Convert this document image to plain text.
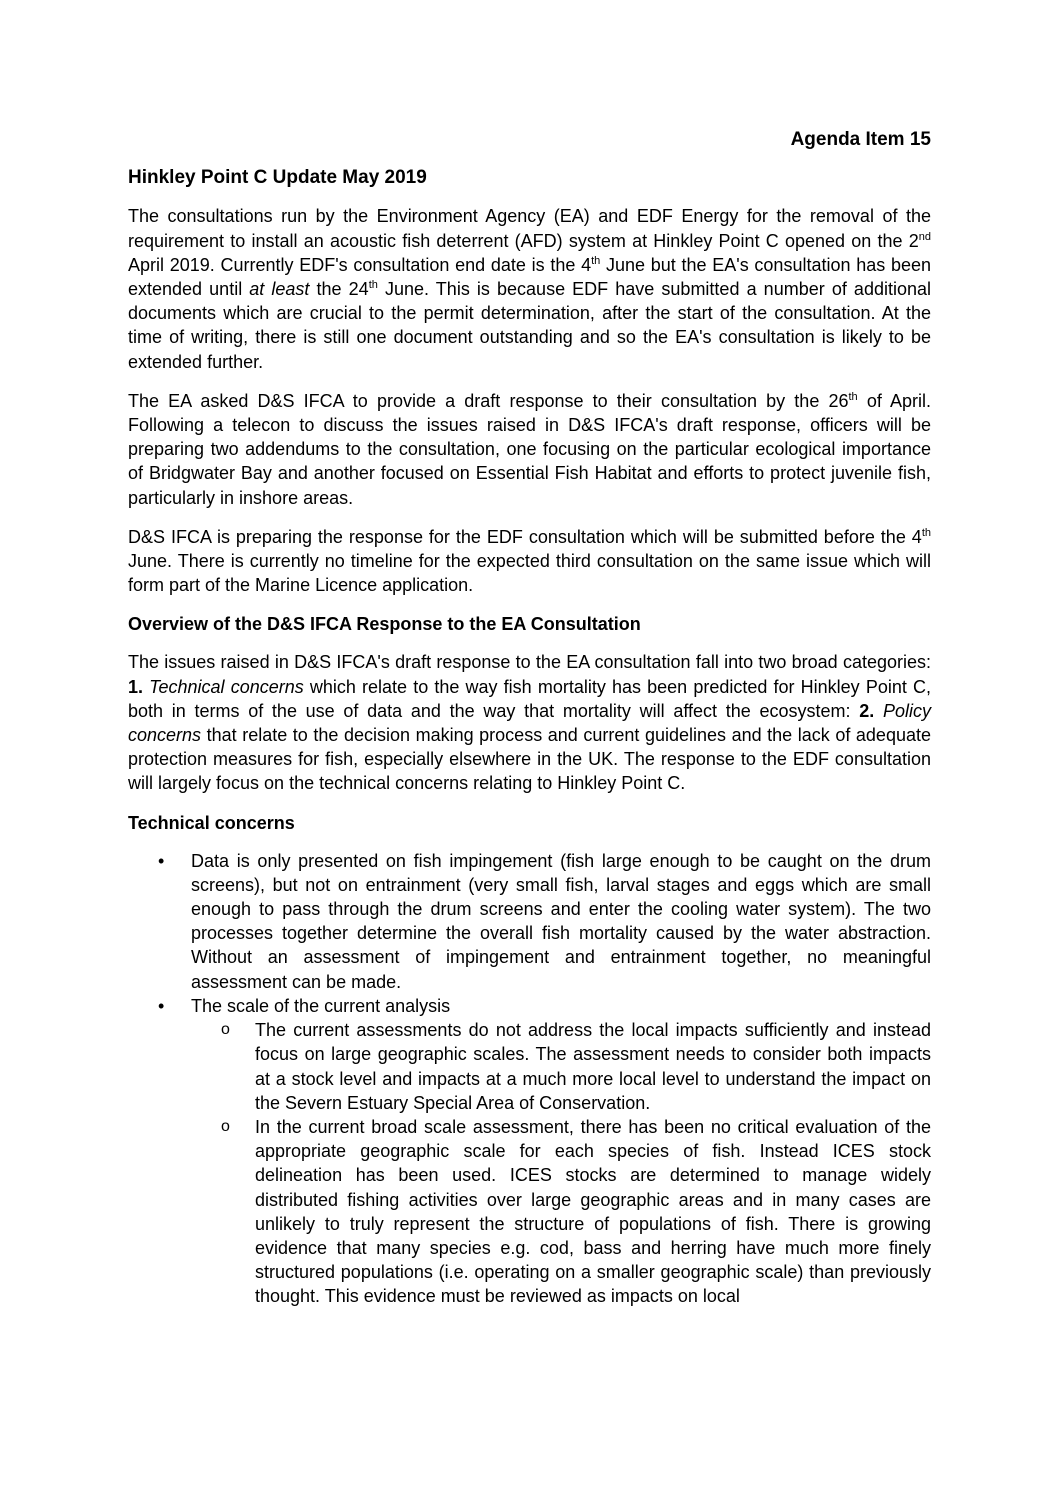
Agenda Item 15
Hinkley Point C Update May 2019

The consultations run by the Environment Agency (EA) and EDF Energy for the removal of the requirement to install an acoustic fish deterrent (AFD) system at Hinkley Point C opened on the 2nd April 2019. Currently EDF's consultation end date is the 4th June but the EA's consultation has been extended until at least the 24th June. This is because EDF have submitted a number of additional documents which are crucial to the permit determination, after the start of the consultation. At the time of writing, there is still one document outstanding and so the EA's consultation is likely to be extended further.

The EA asked D&S IFCA to provide a draft response to their consultation by the 26th of April. Following a telecon to discuss the issues raised in D&S IFCA's draft response, officers will be preparing two addendums to the consultation, one focusing on the particular ecological importance of Bridgwater Bay and another focused on Essential Fish Habitat and efforts to protect juvenile fish, particularly in inshore areas.

D&S IFCA is preparing the response for the EDF consultation which will be submitted before the 4th June. There is currently no timeline for the expected third consultation on the same issue which will form part of the Marine Licence application.

Overview of the D&S IFCA Response to the EA Consultation

The issues raised in D&S IFCA's draft response to the EA consultation fall into two broad categories: 1. Technical concerns which relate to the way fish mortality has been predicted for Hinkley Point C, both in terms of the use of data and the way that mortality will affect the ecosystem: 2. Policy concerns that relate to the decision making process and current guidelines and the lack of adequate protection measures for fish, especially elsewhere in the UK. The response to the EDF consultation will largely focus on the technical concerns relating to Hinkley Point C.

Technical concerns
• Data is only presented on fish impingement (fish large enough to be caught on the drum screens), but not on entrainment (very small fish, larval stages and eggs which are small enough to pass through the drum screens and enter the cooling water system). The two processes together determine the overall fish mortality caused by the water abstraction. Without an assessment of impingement and entrainment together, no meaningful assessment can be made.
• The scale of the current analysis
o The current assessments do not address the local impacts sufficiently and instead focus on large geographic scales. The assessment needs to consider both impacts at a stock level and impacts at a much more local level to understand the impact on the Severn Estuary Special Area of Conservation.
o In the current broad scale assessment, there has been no critical evaluation of the appropriate geographic scale for each species of fish. Instead ICES stock delineation has been used. ICES stocks are determined to manage widely distributed fishing activities over large geographic areas and in many cases are unlikely to truly represent the structure of populations of fish. There is growing evidence that many species e.g. cod, bass and herring have much more finely structured populations (i.e. operating on a smaller geographic scale) than previously thought. This evidence must be reviewed as impacts on local
